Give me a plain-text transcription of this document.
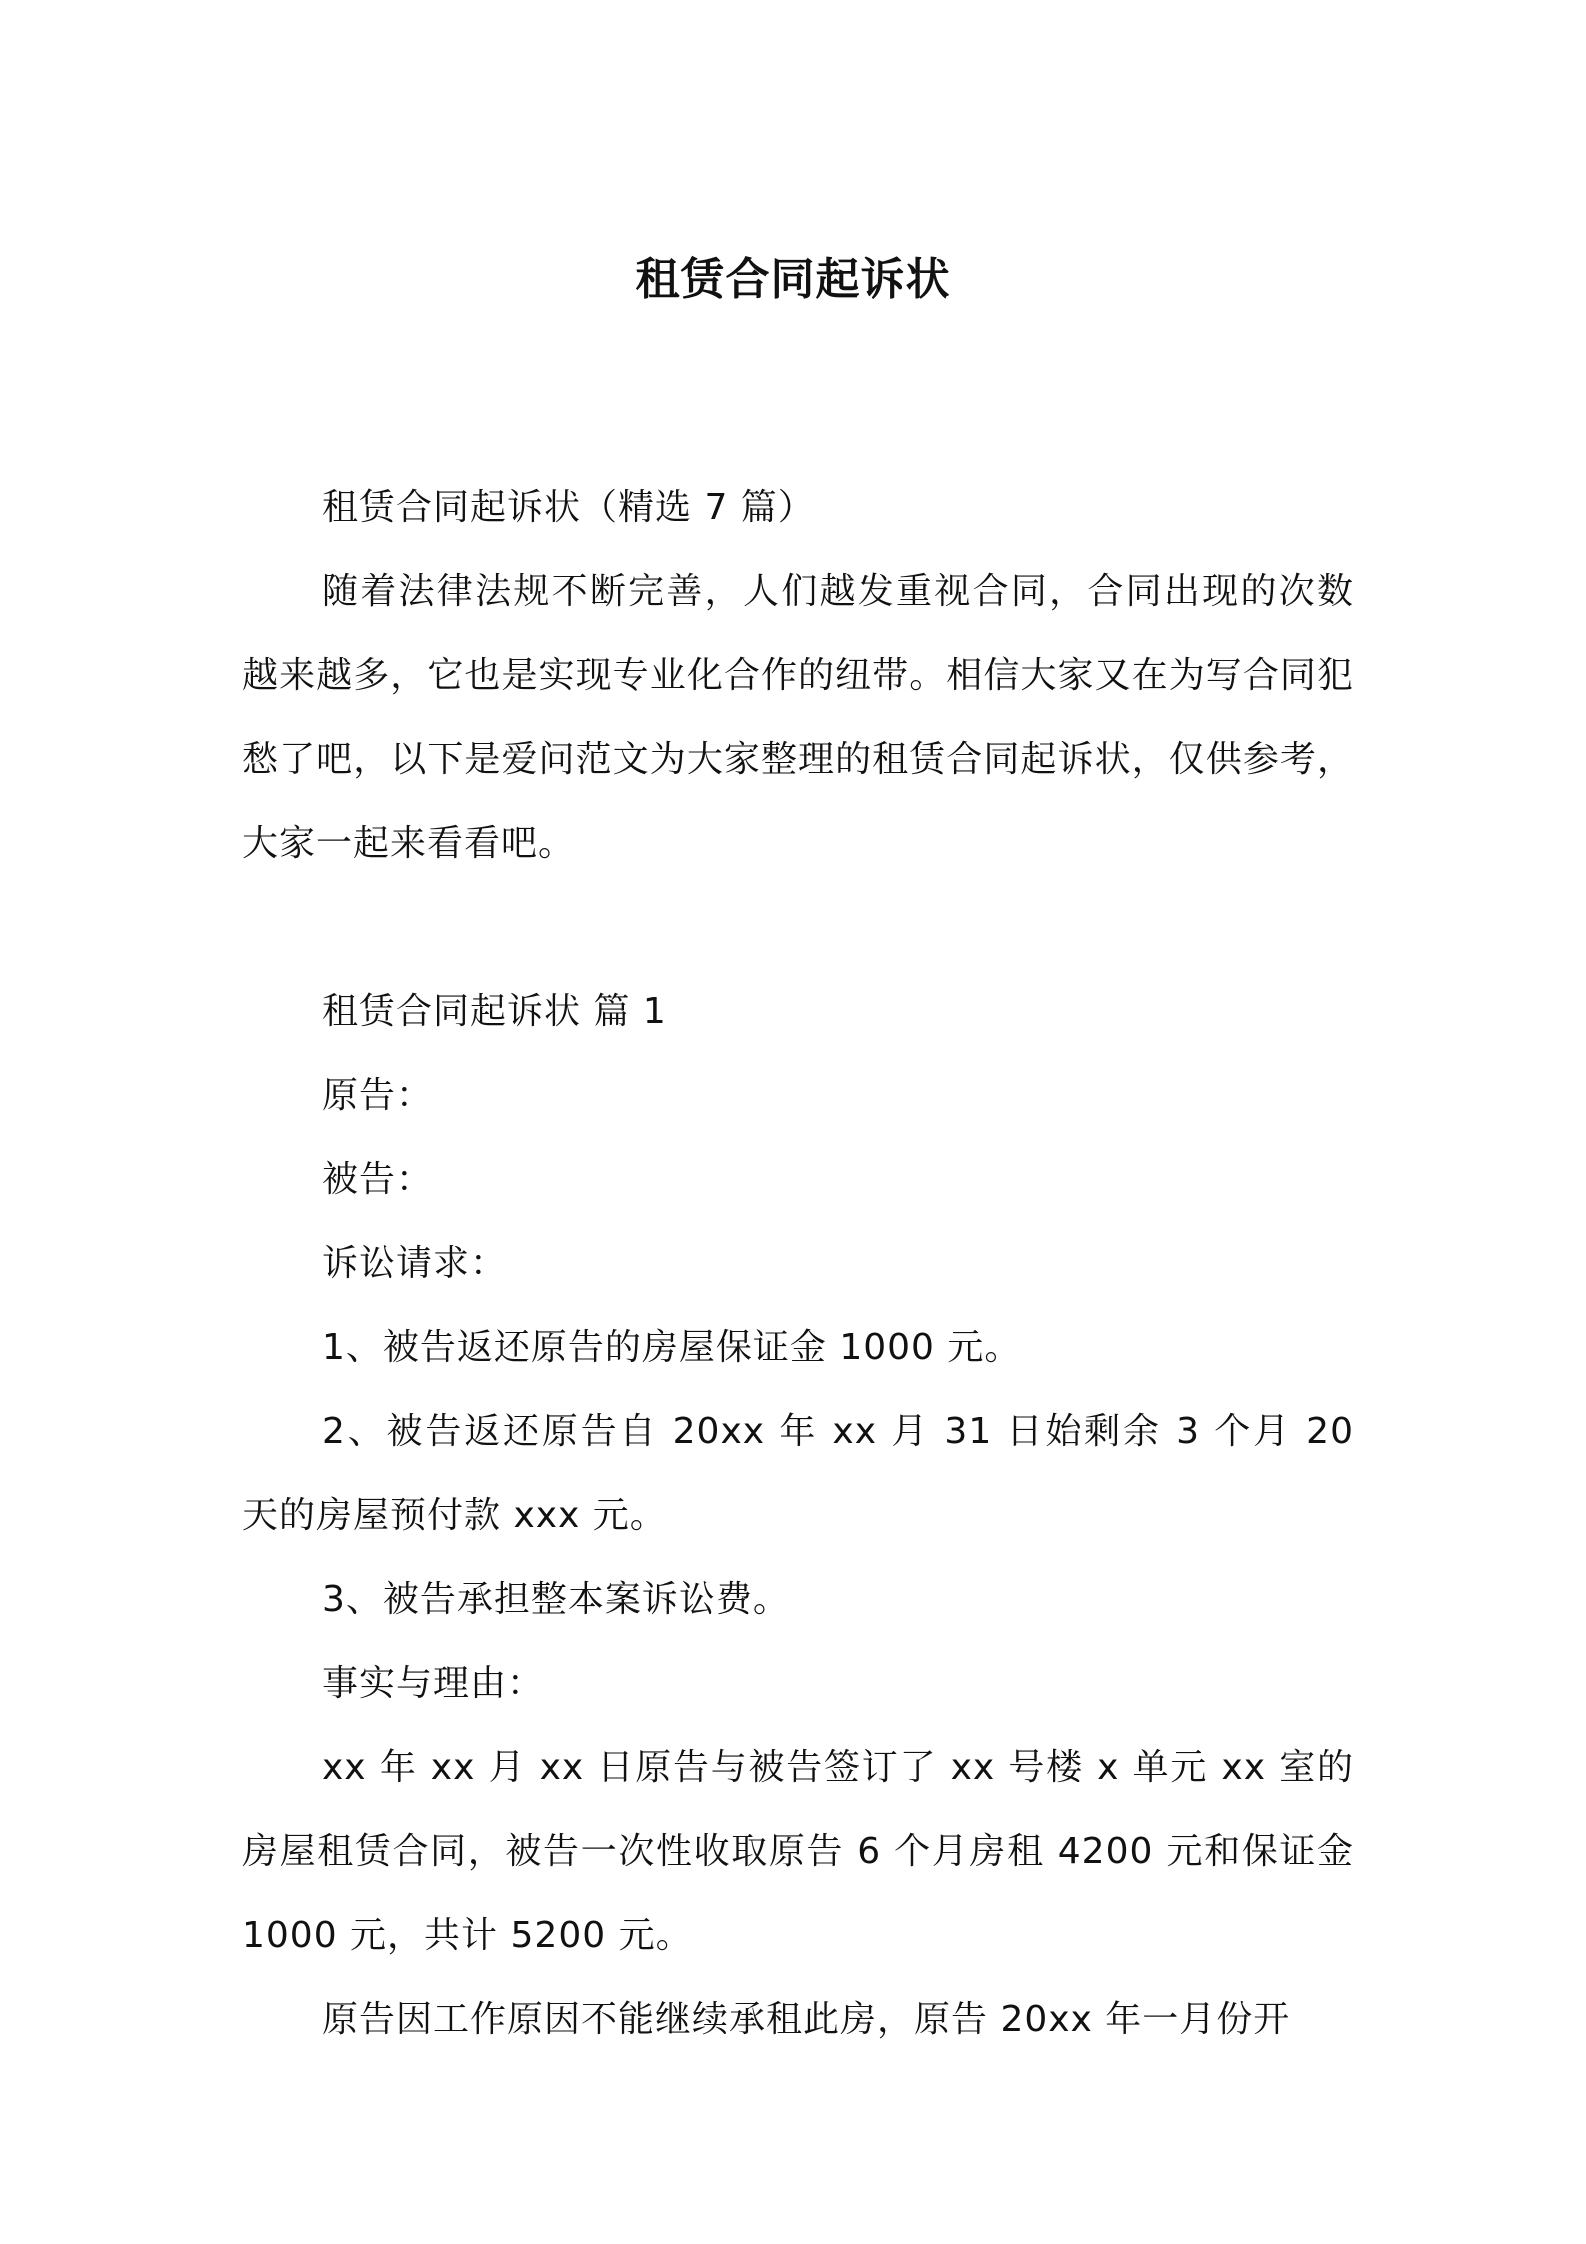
租赁合同起诉状

租赁合同起诉状（精选 7 篇）

随着法律法规不断完善，人们越发重视合同，合同出现的次数越来越多，它也是实现专业化合作的纽带。相信大家又在为写合同犯愁了吧，以下是爱问范文为大家整理的租赁合同起诉状，仅供参考，大家一起来看看吧。

租赁合同起诉状 篇 1

原告：

被告：

诉讼请求：

1、被告返还原告的房屋保证金 1000 元。

2、被告返还原告自 20xx 年 xx 月 31 日始剩余 3 个月 20 天的房屋预付款 xxx 元。

3、被告承担整本案诉讼费。

事实与理由：

xx 年 xx 月 xx 日原告与被告签订了 xx 号楼 x 单元 xx 室的房屋租赁合同，被告一次性收取原告 6 个月房租 4200 元和保证金 1000 元，共计 5200 元。

原告因工作原因不能继续承租此房，原告 20xx 年一月份开
